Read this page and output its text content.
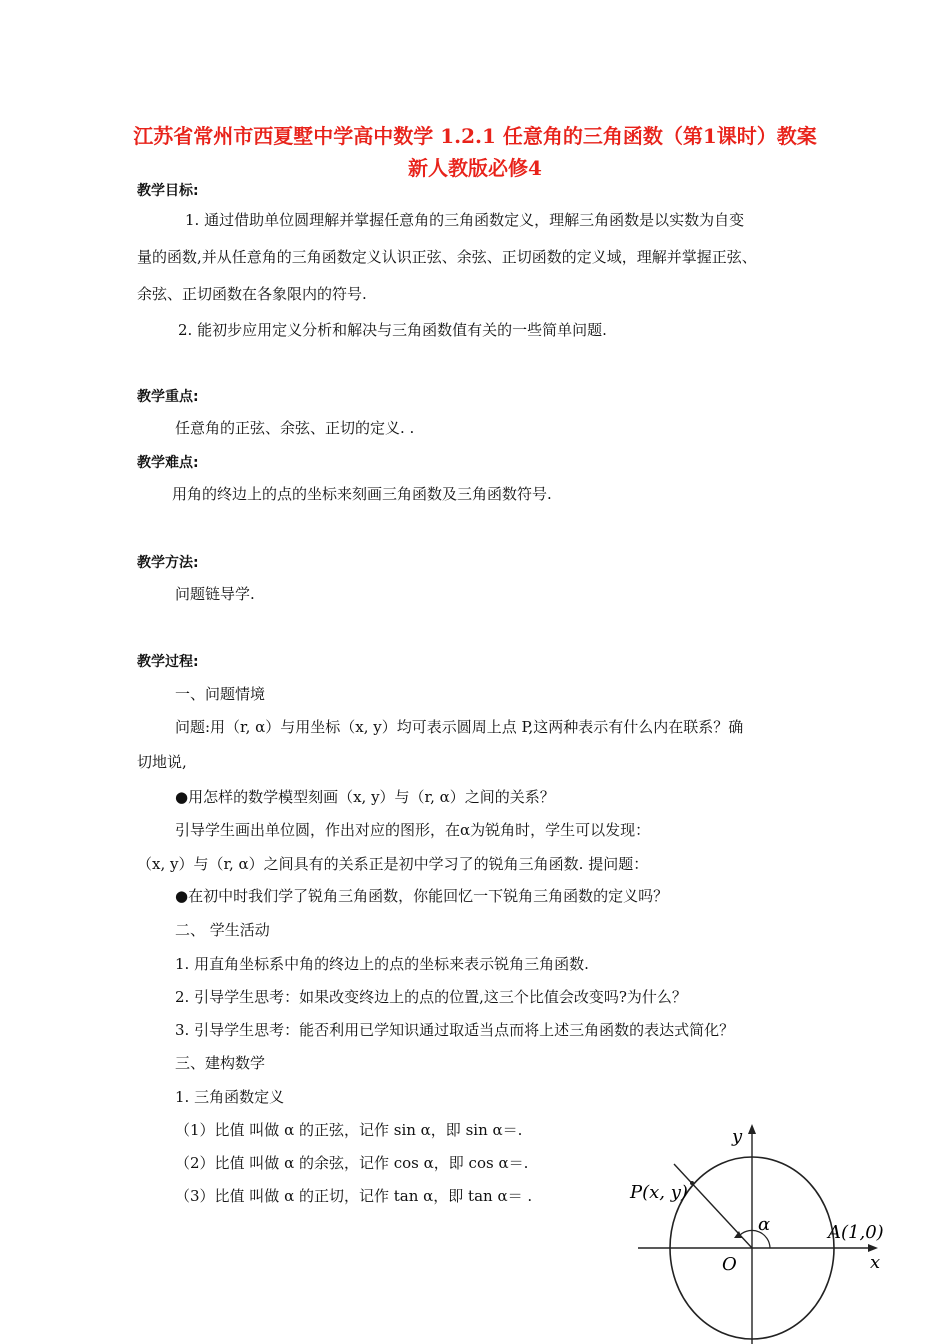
江苏省常州市西夏墅中学高中数学 1.2.1 任意角的三角函数（第1课时）教案 新人教版必修4
教学目标:
1. 通过借助单位圆理解并掌握任意角的三角函数定义，理解三角函数是以实数为自变
量的函数,并从任意角的三角函数定义认识正弦、余弦、正切函数的定义域，理解并掌握正弦、
余弦、正切函数在各象限内的符号.
2. 能初步应用定义分析和解决与三角函数值有关的一些简单问题.
教学重点:
任意角的正弦、余弦、正切的定义. .
教学难点:
用角的终边上的点的坐标来刻画三角函数及三角函数符号.
教学方法:
问题链导学.
教学过程:
一、问题情境
问题:用（r, α）与用坐标（x, y）均可表示圆周上点 P,这两种表示有什么内在联系？确
切地说,
●用怎样的数学模型刻画（x, y）与（r, α）之间的关系？
引导学生画出单位圆，作出对应的图形，在α为锐角时，学生可以发现：
（x, y）与（r, α）之间具有的关系正是初中学习了的锐角三角函数. 提问题：
●在初中时我们学了锐角三角函数，你能回忆一下锐角三角函数的定义吗？
二、 学生活动
1. 用直角坐标系中角的终边上的点的坐标来表示锐角三角函数.
2. 引导学生思考：如果改变终边上的点的位置,这三个比值会改变吗?为什么？
3. 引导学生思考：能否利用已学知识通过取适当点而将上述三角函数的表达式简化？
三、建构数学
1. 三角函数定义
（1）比值 叫做 α 的正弦，记作 sin α，即 sin α＝.
（2）比值 叫做 α 的余弦，记作 cos α，即 cos α＝.
（3）比值 叫做 α 的正切，记作 tan α，即 tan α＝ .
y
x
P(x, y)
α	A(1,0)
O
